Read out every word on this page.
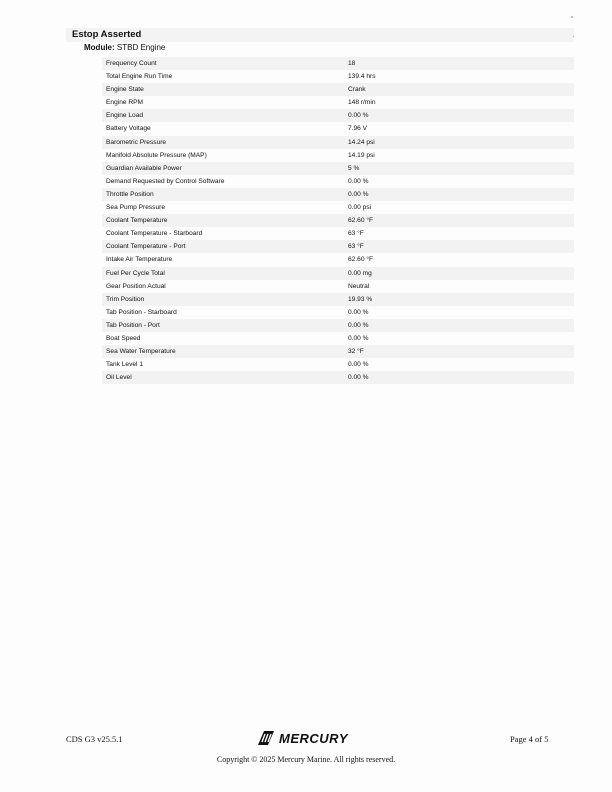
Estop Asserted
Module: STBD Engine
Frequency Count	18
Total Engine Run Time	139.4 hrs
Engine State	Crank
Engine RPM	148 r/min
Engine Load	0.00 %
Battery Voltage	7.96 V
Barometric Pressure	14.24 psi
Manifold Absolute Pressure (MAP)	14.19 psi
Guardian Available Power	5 %
Demand Requested by Control Software	0.00 %
Throttle Position	0.00 %
Sea Pump Pressure	0.00 psi
Coolant Temperature	62.60 °F
Coolant Temperature - Starboard	63 °F
Coolant Temperature - Port	63 °F
Intake Air Temperature	62.60 °F
Fuel Per Cycle Total	0.00 mg
Gear Position Actual	Neutral
Trim Position	19.93 %
Tab Position - Starboard	0.00 %
Tab Position - Port	0.00 %
Boat Speed	0.00 %
Sea Water Temperature	32 °F
Tank Level 1	0.00 %
Oil Level	0.00 %
CDS G3 v25.5.1	MERCURY	Page 4 of 5
Copyright © 2025 Mercury Marine. All rights reserved.
